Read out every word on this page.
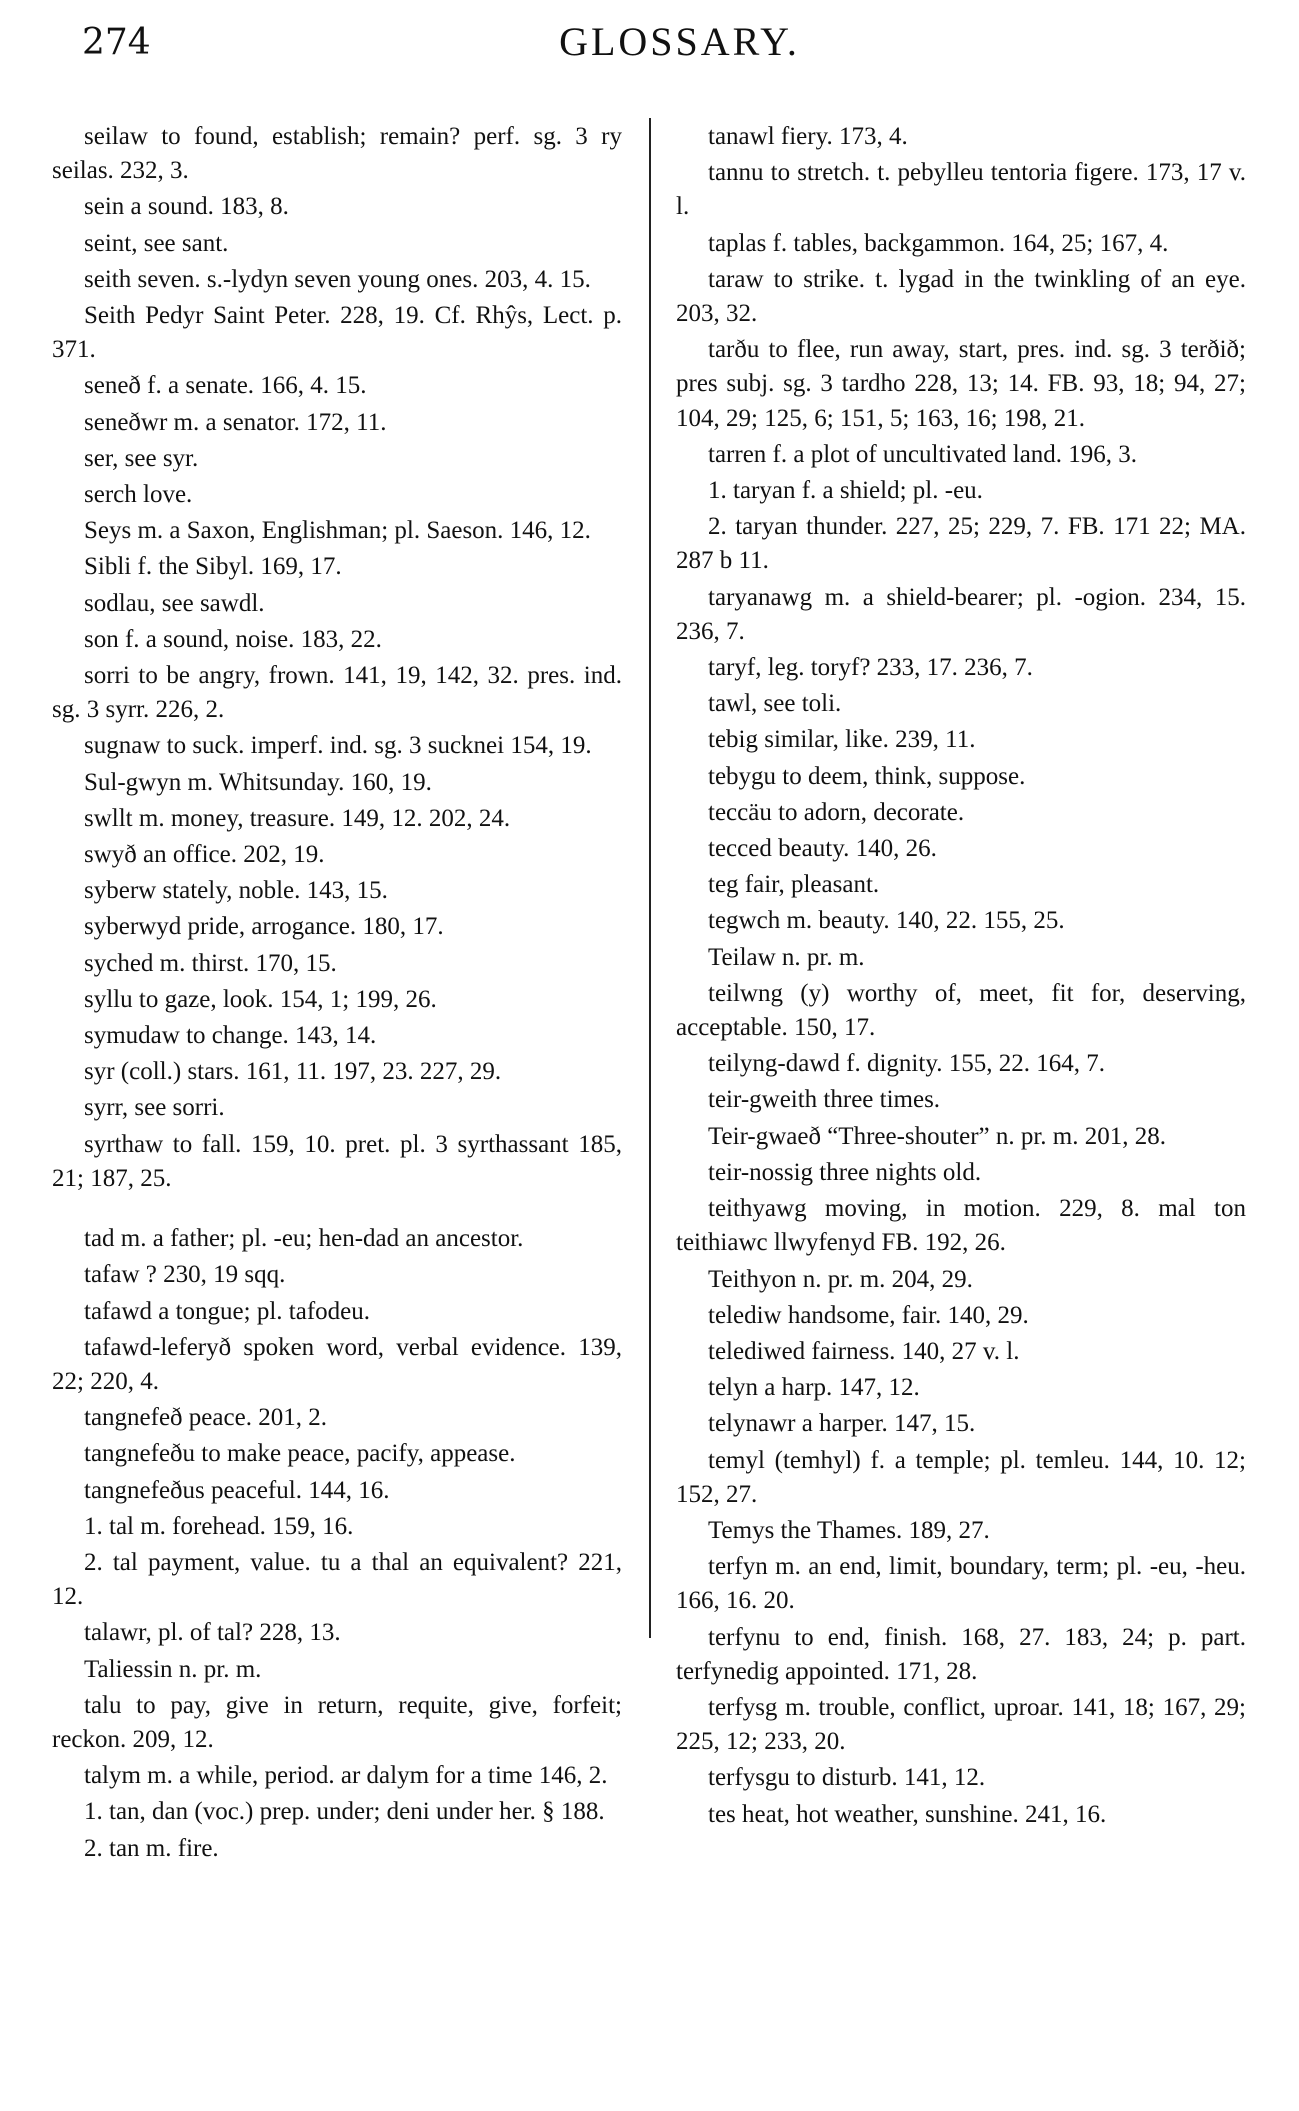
274	GLOSSARY.

seilaw to found, establish; remain? perf. sg. 3 ry seilas. 232, 3.

sein a sound. 183, 8.

seint, see sant.

seith seven. s.-lydyn seven young ones. 203, 4. 15.

Seith Pedyr Saint Peter. 228, 19. Cf. Rhŷs, Lect. p. 371.

seneð f. a senate. 166, 4. 15.

seneðwr m. a senator. 172, 11.

ser, see syr.

serch love.

Seys m. a Saxon, Englishman; pl. Saeson. 146, 12.

Sibli f. the Sibyl. 169, 17.

sodlau, see sawdl.

son f. a sound, noise. 183, 22.

sorri to be angry, frown. 141, 19, 142, 32. pres. ind. sg. 3 syrr. 226, 2.

sugnaw to suck. imperf. ind. sg. 3 sucknei 154, 19.

Sul-gwyn m. Whitsunday. 160, 19.

swllt m. money, treasure. 149, 12. 202, 24.

swyð an office. 202, 19.

syberw stately, noble. 143, 15.

syberwyd pride, arrogance. 180, 17.

syched m. thirst. 170, 15.

syllu to gaze, look. 154, 1; 199, 26.

symudaw to change. 143, 14.

syr (coll.) stars. 161, 11. 197, 23. 227, 29.

syrr, see sorri.

syrthaw to fall. 159, 10. pret. pl. 3 syrthassant 185, 21; 187, 25.

tad m. a father; pl. -eu; hen-dad an ancestor.

tafaw ? 230, 19 sqq.

tafawd a tongue; pl. tafodeu.

tafawd-leferyð spoken word, verbal evidence. 139, 22; 220, 4.

tangnefeð peace. 201, 2.

tangnefeðu to make peace, pacify, appease.

tangnefeðus peaceful. 144, 16.

1. tal m. forehead. 159, 16.

2. tal payment, value. tu a thal an equivalent? 221, 12.

talawr, pl. of tal? 228, 13.

Taliessin n. pr. m.

talu to pay, give in return, requite, give, forfeit; reckon. 209, 12.

talym m. a while, period. ar dalym for a time 146, 2.

1. tan, dan (voc.) prep. under; deni under her. § 188.

2. tan m. fire.

tanawl fiery. 173, 4.

tannu to stretch. t. pebylleu tentoria figere. 173, 17 v. l.

taplas f. tables, backgammon. 164, 25; 167, 4.

taraw to strike. t. lygad in the twinkling of an eye. 203, 32.

tarðu to flee, run away, start, pres. ind. sg. 3 terðið; pres subj. sg. 3 tardho 228, 13; 14. FB. 93, 18; 94, 27; 104, 29; 125, 6; 151, 5; 163, 16; 198, 21.

tarren f. a plot of uncultivated land. 196, 3.

1. taryan f. a shield; pl. -eu.

2. taryan thunder. 227, 25; 229, 7. FB. 171 22; MA. 287 b 11.

taryanawg m. a shield-bearer; pl. -ogion. 234, 15. 236, 7.

taryf, leg. toryf? 233, 17. 236, 7.

tawl, see toli.

tebig similar, like. 239, 11.

tebygu to deem, think, suppose.

teccäu to adorn, decorate.

tecced beauty. 140, 26.

teg fair, pleasant.

tegwch m. beauty. 140, 22. 155, 25.

Teilaw n. pr. m.

teilwng (y) worthy of, meet, fit for, deserving, acceptable. 150, 17.

teilyng-dawd f. dignity. 155, 22. 164, 7.

teir-gweith three times.

Teir-gwaeð “Three-shouter” n. pr. m. 201, 28.

teir-nossig three nights old.

teithyawg moving, in motion. 229, 8. mal ton teithiawc llwyfenyd FB. 192, 26.

Teithyon n. pr. m. 204, 29.

telediw handsome, fair. 140, 29.

telediwed fairness. 140, 27 v. l.

telyn a harp. 147, 12.

telynawr a harper. 147, 15.

temyl (temhyl) f. a temple; pl. temleu. 144, 10. 12; 152, 27.

Temys the Thames. 189, 27.

terfyn m. an end, limit, boundary, term; pl. -eu, -heu. 166, 16. 20.

terfynu to end, finish. 168, 27. 183, 24; p. part. terfynedig appointed. 171, 28.

terfysg m. trouble, conflict, uproar. 141, 18; 167, 29; 225, 12; 233, 20.

terfysgu to disturb. 141, 12.

tes heat, hot weather, sunshine. 241, 16.
